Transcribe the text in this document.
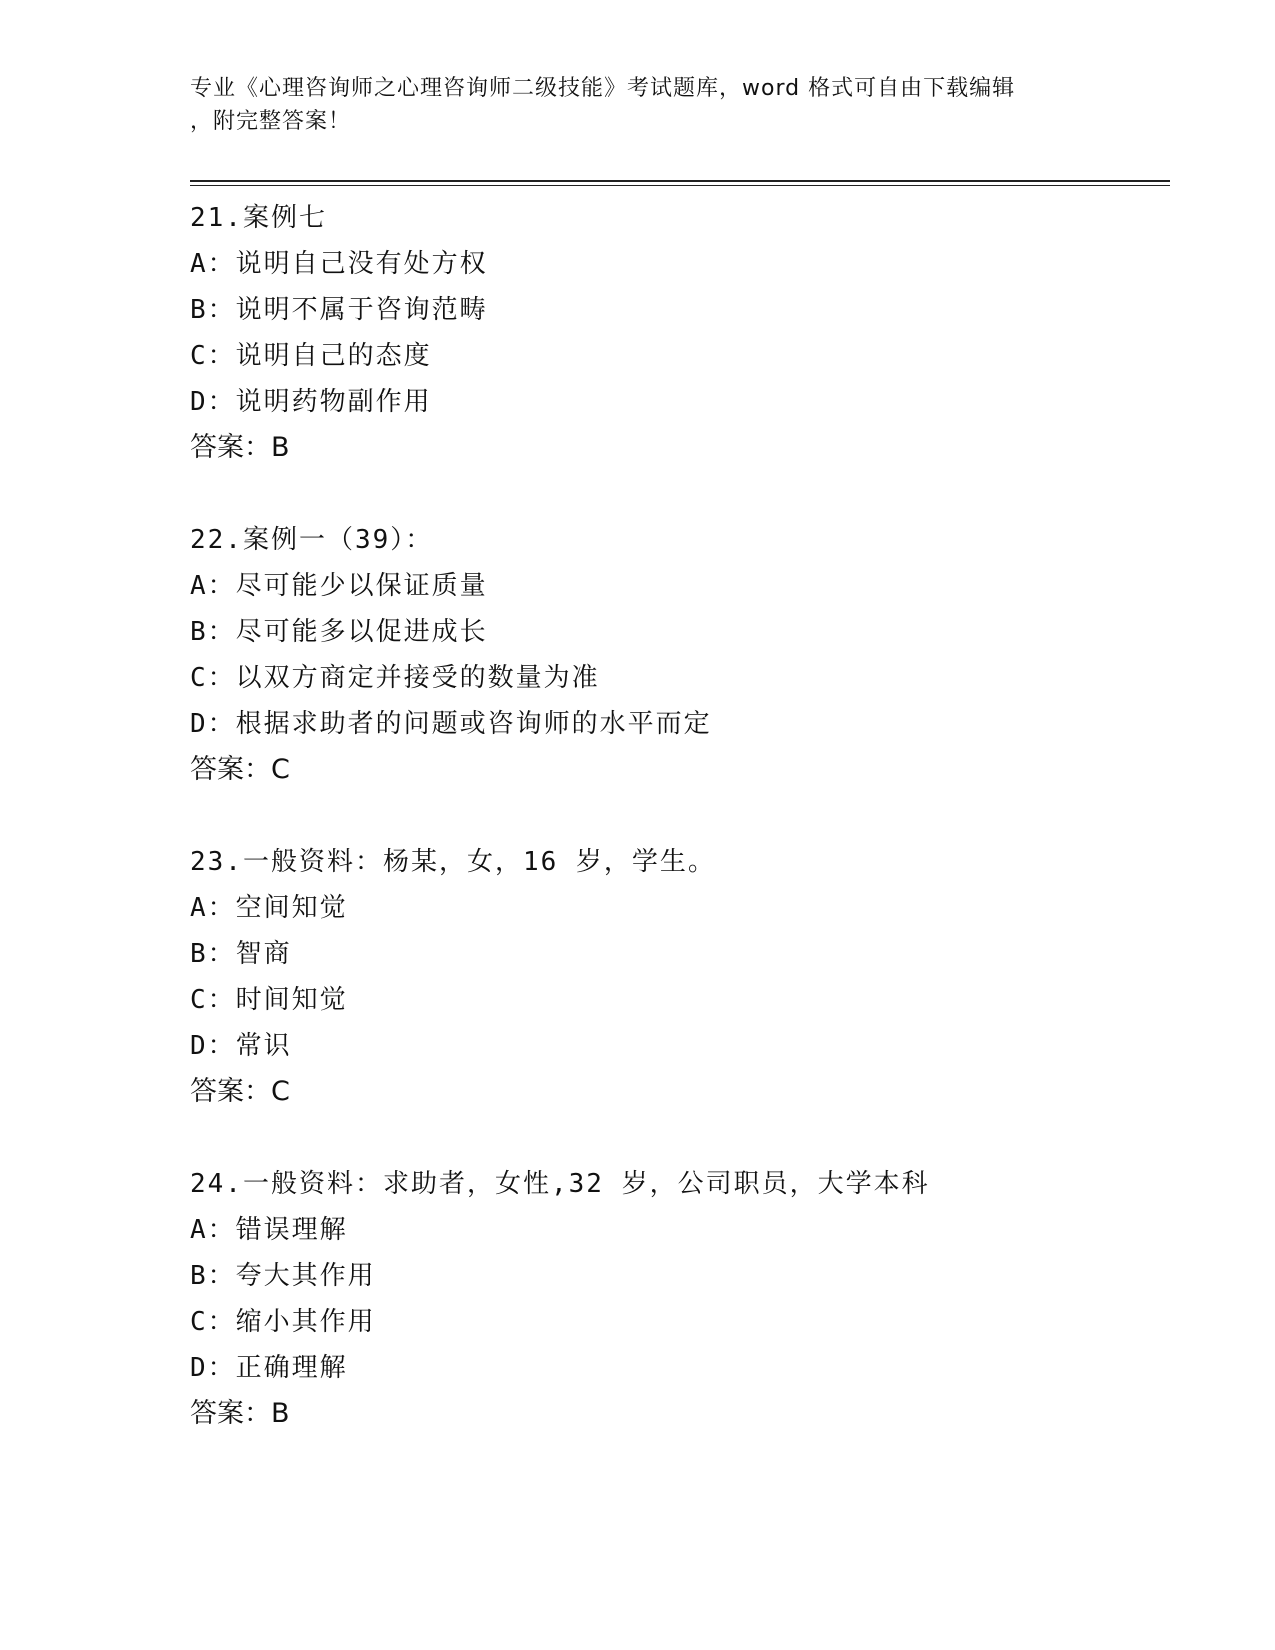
专业《心理咨询师之心理咨询师二级技能》考试题库，word 格式可自由下载编辑
，附完整答案！
21.案例七
A：说明自己没有处方权
B：说明不属于咨询范畴
C：说明自己的态度
D：说明药物副作用
答案：B
22.案例一（39）：
A：尽可能少以保证质量
B：尽可能多以促进成长
C：以双方商定并接受的数量为准
D：根据求助者的问题或咨询师的水平而定
答案：C
23.一般资料：杨某，女，16 岁，学生。
A：空间知觉
B：智商
C：时间知觉
D：常识
答案：C
24.一般资料：求助者，女性,32 岁，公司职员，大学本科
A：错误理解
B：夸大其作用
C：缩小其作用
D：正确理解
答案：B
